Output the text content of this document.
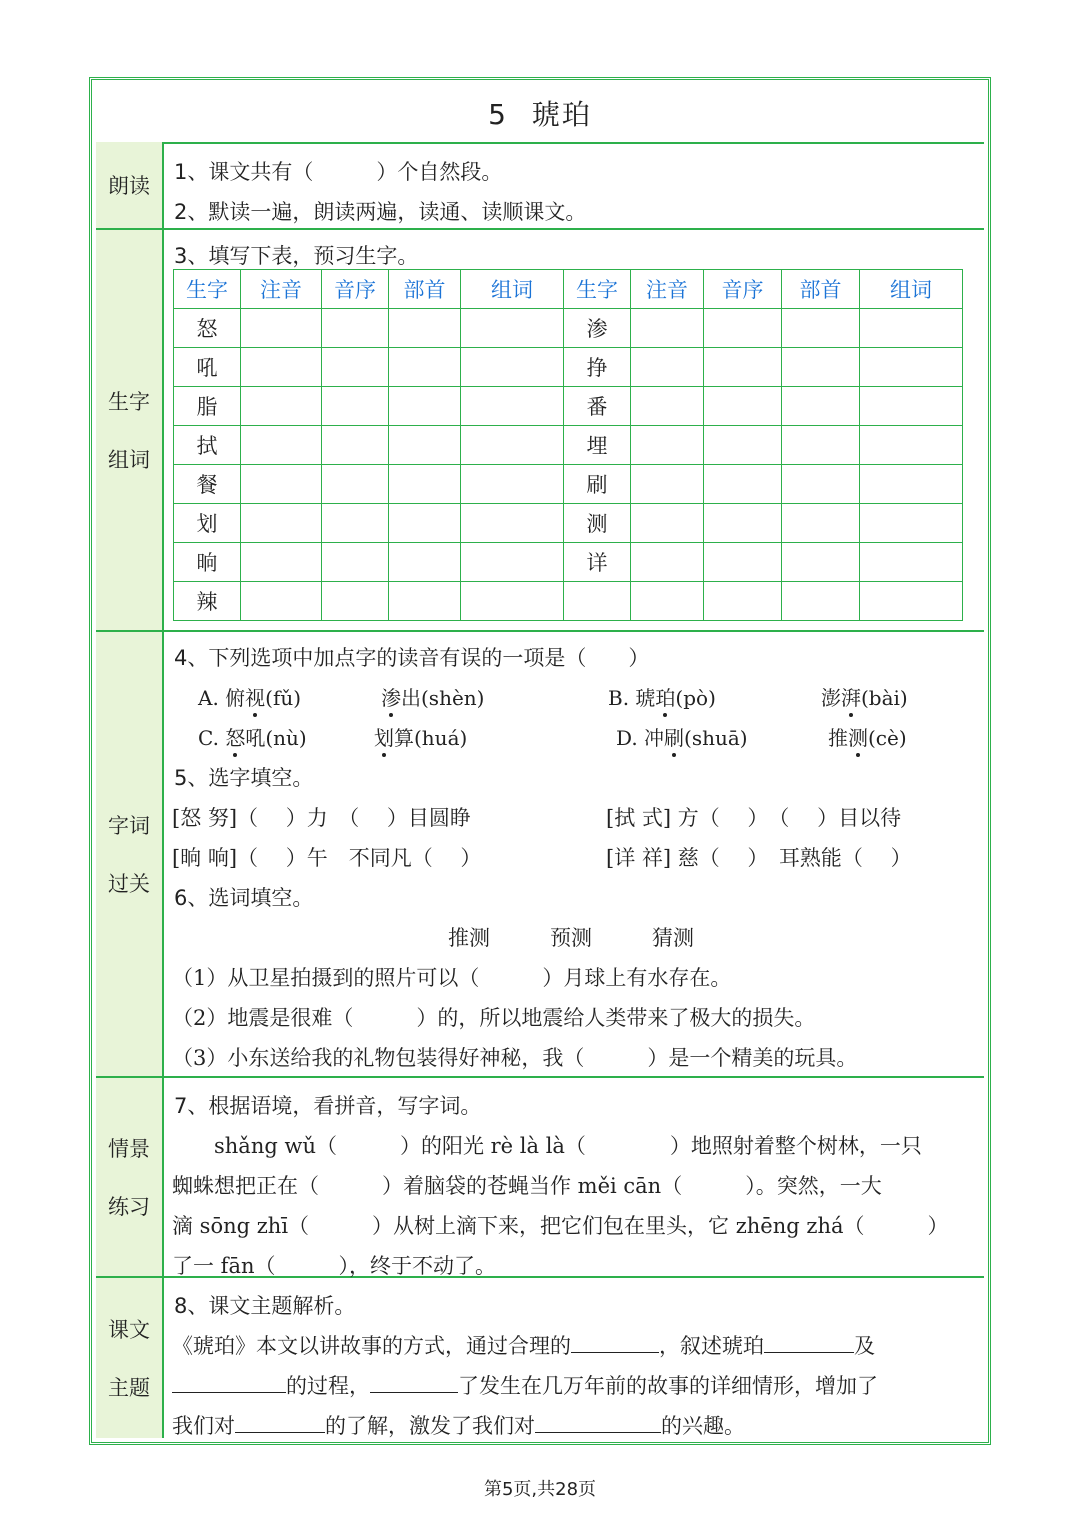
5 琥珀
朗读
1、课文共有（　　　）个自然段。
2、默读一遍，朗读两遍，读通、读顺课文。
生字
组词
3、填写下表，预习生字。
生字	注音	音序	部首	组词	生字	注音	音序	部首	组词
怒					渗				
吼					挣				
脂					番				
拭					埋				
餐					刷				
划					测				
晌					详				
辣									
字词
过关
4、下列选项中加点字的读音有误的一项是（　　）
A. 俯视(fǔ)	渗出(shèn)	B. 琥珀(pò)	澎湃(bài)
C. 怒吼(nù)	划算(huá)	D. 冲刷(shuā)	推测(cè)
5、选字填空。
[怒 努]（　 ）力　（　 ）目圆睁	[拭 式] 方（　 ）　（　 ）目以待
[晌 响]（　 ）午　不同凡（　 ）	[详 祥] 慈（　 ）　耳熟能（　 ）
6、选词填空。
推测	预测	猜测
（1）从卫星拍摄到的照片可以（　　　）月球上有水存在。
（2）地震是很难（　　　）的，所以地震给人类带来了极大的损失。
（3）小东送给我的礼物包装得好神秘，我（　　　）是一个精美的玩具。
情景
练习
7、根据语境，看拼音，写字词。
shǎng wǔ（　　　）的阳光 rè là là（　　　　）地照射着整个树林，一只
蜘蛛想把正在（　　　）着脑袋的苍蝇当作 měi cān（　　　）。突然，一大
滴 sōng zhī（　　　）从树上滴下来，把它们包在里头，它 zhēng zhá（　　　）
了一 fān（　　　），终于不动了。
课文
主题
8、课文主题解析。
《琥珀》本文以讲故事的方式，通过合理的	，叙述琥珀	及
的过程，	了发生在几万年前的故事的详细情形，增加了
我们对	的了解，激发了我们对	的兴趣。
第5页,共28页
